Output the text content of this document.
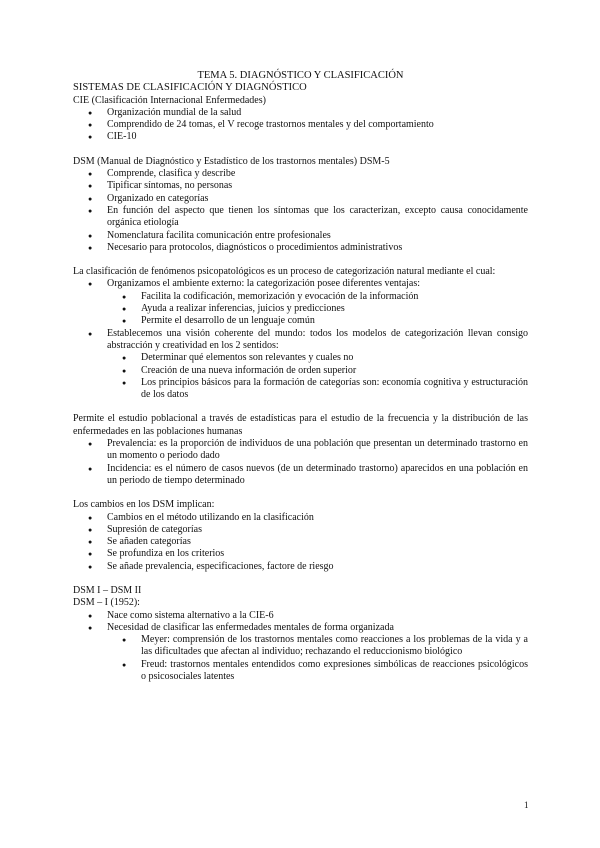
TEMA 5. DIAGNÓSTICO Y CLASIFICACIÓN

SISTEMAS DE CLASIFICACIÓN Y DIAGNÓSTICO

CIE (Clasificación Internacional Enfermedades)

● Organización mundial de la salud
● Comprendido de 24 tomas, el V recoge trastornos mentales y del comportamiento
● CIE-10

DSM (Manual de Diagnóstico y Estadístico de los trastornos mentales) DSM-5

● Comprende, clasifica y describe
● Tipificar síntomas, no personas
● Organizado en categorías
● En función del aspecto que tienen los síntomas que los caracterizan, excepto causa conocidamente orgánica etiología
● Nomenclatura facilita comunicación entre profesionales
● Necesario para protocolos, diagnósticos o procedimientos administrativos

La clasificación de fenómenos psicopatológicos es un proceso de categorización natural mediante el cual:

● Organizamos el ambiente externo: la categorización posee diferentes ventajas:
● Facilita la codificación, memorización y evocación de la información
● Ayuda a realizar inferencias, juicios y predicciones
● Permite el desarrollo de un lenguaje común
● Establecemos una visión coherente del mundo: todos los modelos de categorización llevan consigo abstracción y creatividad en los 2 sentidos:
● Determinar qué elementos son relevantes y cuales no
● Creación de una nueva información de orden superior
● Los principios básicos para la formación de categorías son: economía cognitiva y estructuración de los datos

Permite el estudio poblacional a través de estadísticas para el estudio de la frecuencia y la distribución de las enfermedades en las poblaciones humanas

● Prevalencia: es la proporción de individuos de una población que presentan un determinado trastorno en un momento o periodo dado
● Incidencia: es el número de casos nuevos (de un determinado trastorno) aparecidos en una población en un periodo de tiempo determinado

Los cambios en los DSM implican:

● Cambios en el método utilizando en la clasificación
● Supresión de categorías
● Se añaden categorías
● Se profundiza en los criterios
● Se añade prevalencia, especificaciones, factore de riesgo

DSM I – DSM II

DSM – I (1952):

● Nace como sistema alternativo a la CIE-6
● Necesidad de clasificar las enfermedades mentales de forma organizada
● Meyer: comprensión de los trastornos mentales como reacciones a los problemas de la vida y a las dificultades que afectan al individuo; rechazando el reduccionismo biológico
● Freud: trastornos mentales entendidos como expresiones simbólicas de reacciones psicológicos o psicosociales latentes
1
